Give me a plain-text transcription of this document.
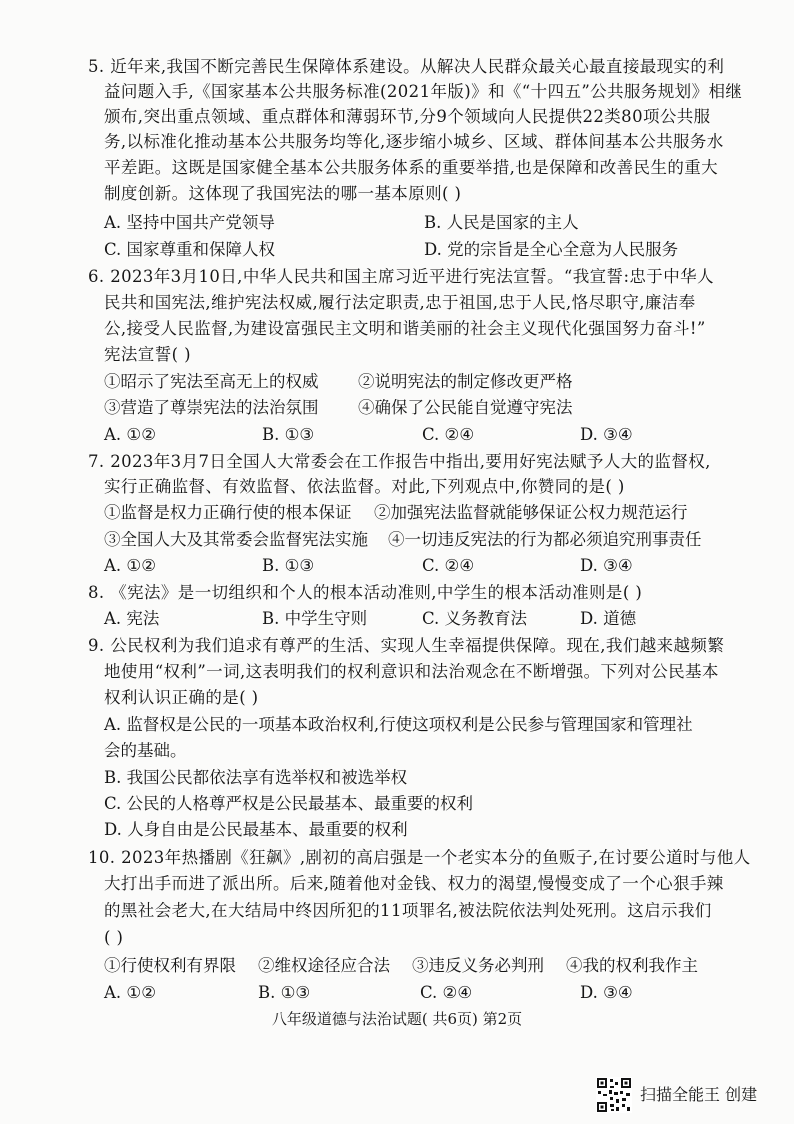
5. 近年来,我国不断完善民生保障体系建设。从解决人民群众最关心最直接最现实的利
益问题入手,《国家基本公共服务标准(2021年版)》和《“十四五”公共服务规划》相继
颁布,突出重点领域、重点群体和薄弱环节,分9个领域向人民提供22类80项公共服
务,以标准化推动基本公共服务均等化,逐步缩小城乡、区域、群体间基本公共服务水
平差距。这既是国家健全基本公共服务体系的重要举措,也是保障和改善民生的重大
制度创新。这体现了我国宪法的哪一基本原则( )
A. 坚持中国共产党领导	B. 人民是国家的主人
C. 国家尊重和保障人权	D. 党的宗旨是全心全意为人民服务
6. 2023年3月10日,中华人民共和国主席习近平进行宪法宣誓。“我宣誓:忠于中华人
民共和国宪法,维护宪法权威,履行法定职责,忠于祖国,忠于人民,恪尽职守,廉洁奉
公,接受人民监督,为建设富强民主文明和谐美丽的社会主义现代化强国努力奋斗!”
宪法宣誓( )
①昭示了宪法至高无上的权威 ②说明宪法的制定修改更严格
③营造了尊崇宪法的法治氛围 ④确保了公民能自觉遵守宪法
A. ①②	B. ①③	C. ②④	D. ③④
7. 2023年3月7日全国人大常委会在工作报告中指出,要用好宪法赋予人大的监督权,
实行正确监督、有效监督、依法监督。对此,下列观点中,你赞同的是( )
①监督是权力正确行使的根本保证 ②加强宪法监督就能够保证公权力规范运行
③全国人大及其常委会监督宪法实施 ④一切违反宪法的行为都必须追究刑事责任
A. ①②	B. ①③	C. ②④	D. ③④
8. 《宪法》是一切组织和个人的根本活动准则,中学生的根本活动准则是( )
A. 宪法	B. 中学生守则	C. 义务教育法	D. 道德
9. 公民权利为我们追求有尊严的生活、实现人生幸福提供保障。现在,我们越来越频繁
地使用“权利”一词,这表明我们的权利意识和法治观念在不断增强。下列对公民基本
权利认识正确的是( )
A. 监督权是公民的一项基本政治权利,行使这项权利是公民参与管理国家和管理社
会的基础。
B. 我国公民都依法享有选举权和被选举权
C. 公民的人格尊严权是公民最基本、最重要的权利
D. 人身自由是公民最基本、最重要的权利
10. 2023年热播剧《狂飙》,剧初的高启强是一个老实本分的鱼贩子,在讨要公道时与他人
大打出手而进了派出所。后来,随着他对金钱、权力的渴望,慢慢变成了一个心狠手辣
的黑社会老大,在大结局中终因所犯的11项罪名,被法院依法判处死刑。这启示我们
( )
①行使权利有界限 ②维权途径应合法 ③违反义务必判刑 ④我的权利我作主
A. ①②	B. ①③	C. ②④	D. ③④
八年级道德与法治试题( 共6页) 第2页
扫描全能王 创建
